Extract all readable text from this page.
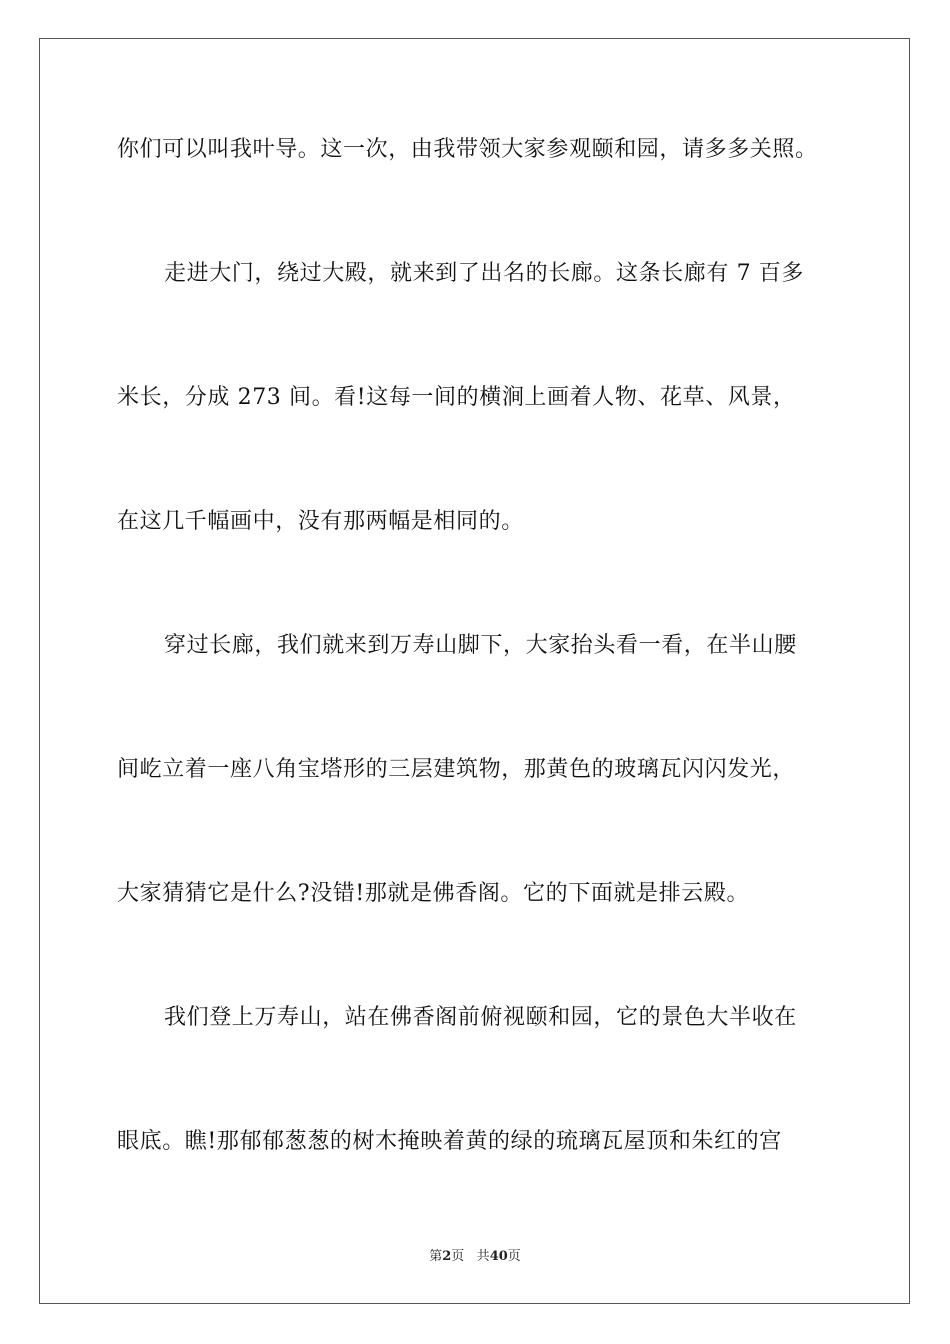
你们可以叫我叶导。这一次，由我带领大家参观颐和园，请多多关照。
走进大门，绕过大殿，就来到了出名的长廊。这条长廊有 7 百多
米长，分成 273 间。看!这每一间的横涧上画着人物、花草、风景，
在这几千幅画中，没有那两幅是相同的。
穿过长廊，我们就来到万寿山脚下，大家抬头看一看，在半山腰
间屹立着一座八角宝塔形的三层建筑物，那黄色的玻璃瓦闪闪发光，
大家猜猜它是什么?没错!那就是佛香阁。它的下面就是排云殿。
我们登上万寿山，站在佛香阁前俯视颐和园，它的景色大半收在
眼底。瞧!那郁郁葱葱的树木掩映着黄的绿的琉璃瓦屋顶和朱红的宫
第2页 共40页
